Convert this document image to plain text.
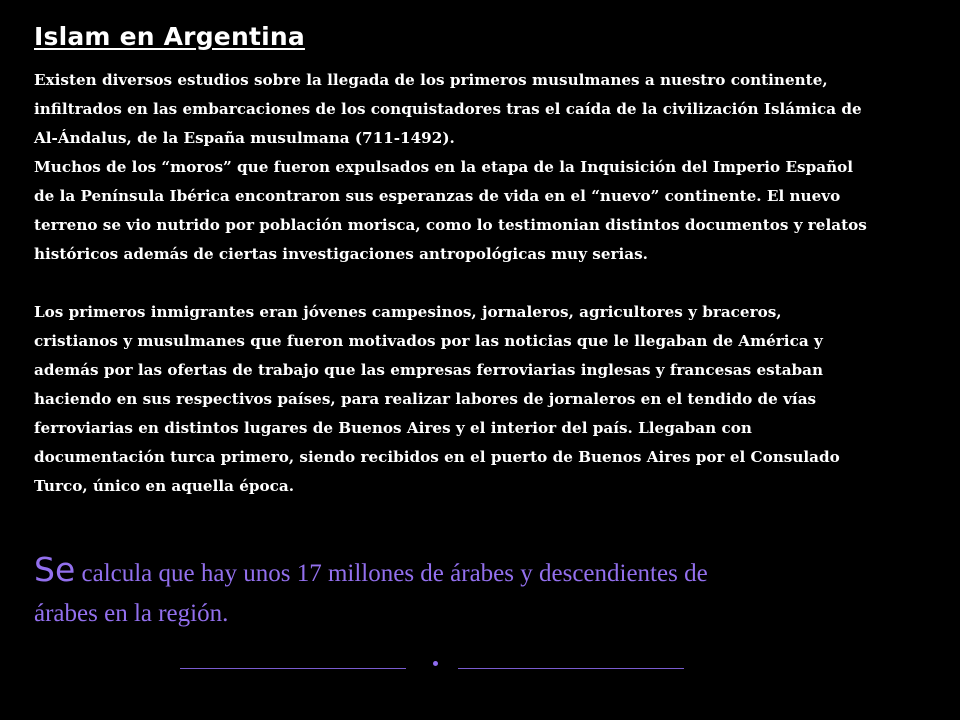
Islam en Argentina

Existen diversos estudios sobre la llegada de los primeros musulmanes a nuestro continente,
infiltrados en las embarcaciones de los conquistadores tras el caída de la civilización Islámica de
Al-Ándalus, de la España musulmana (711-1492).
Muchos de los “moros” que fueron expulsados en la etapa de la Inquisición del Imperio Español
de la Península Ibérica encontraron sus esperanzas de vida en el “nuevo” continente. El nuevo
terreno se vio nutrido por población morisca, como lo testimonian distintos documentos y relatos
históricos además de ciertas investigaciones antropológicas muy serias.

Los primeros inmigrantes eran jóvenes campesinos, jornaleros, agricultores y braceros,
cristianos y musulmanes que fueron motivados por las noticias que le llegaban de América y
además por las ofertas de trabajo que las empresas ferroviarias inglesas y francesas estaban
haciendo en sus respectivos países, para realizar labores de jornaleros en el tendido de vías
ferroviarias en distintos lugares de Buenos Aires y el interior del país. Llegaban con
documentación turca primero, siendo recibidos en el puerto de Buenos Aires por el Consulado
Turco, único en aquella época.

Se calcula que hay unos 17 millones de árabes y descendientes de
árabes en la región.
